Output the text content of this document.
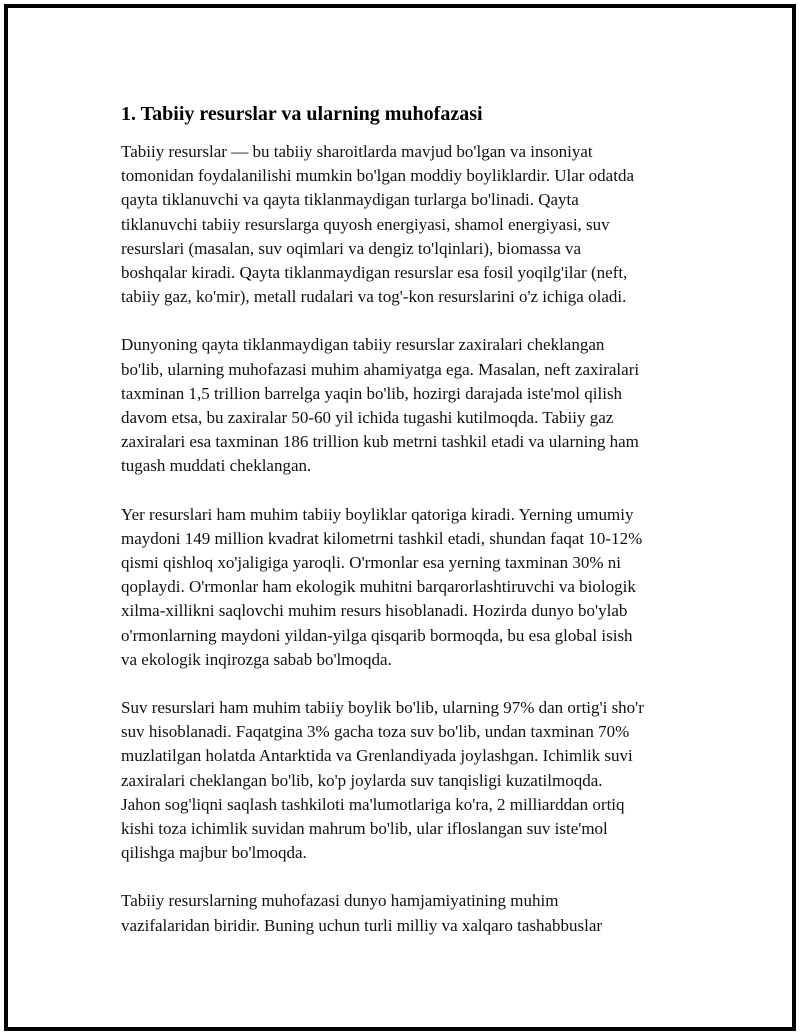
1. Tabiiy resurslar va ularning muhofazasi

Tabiiy resurslar — bu tabiiy sharoitlarda mavjud bo'lgan va insoniyat
tomonidan foydalanilishi mumkin bo'lgan moddiy boyliklardir. Ular odatda
qayta tiklanuvchi va qayta tiklanmaydigan turlarga bo'linadi. Qayta
tiklanuvchi tabiiy resurslarga quyosh energiyasi, shamol energiyasi, suv
resurslari (masalan, suv oqimlari va dengiz to'lqinlari), biomassa va
boshqalar kiradi. Qayta tiklanmaydigan resurslar esa fosil yoqilg'ilar (neft,
tabiiy gaz, ko'mir), metall rudalari va tog'-kon resurslarini o'z ichiga oladi.

Dunyoning qayta tiklanmaydigan tabiiy resurslar zaxiralari cheklangan
bo'lib, ularning muhofazasi muhim ahamiyatga ega. Masalan, neft zaxiralari
taxminan 1,5 trillion barrelga yaqin bo'lib, hozirgi darajada iste'mol qilish
davom etsa, bu zaxiralar 50-60 yil ichida tugashi kutilmoqda. Tabiiy gaz
zaxiralari esa taxminan 186 trillion kub metrni tashkil etadi va ularning ham
tugash muddati cheklangan.

Yer resurslari ham muhim tabiiy boyliklar qatoriga kiradi. Yerning umumiy
maydoni 149 million kvadrat kilometrni tashkil etadi, shundan faqat 10-12%
qismi qishloq xo'jaligiga yaroqli. O'rmonlar esa yerning taxminan 30% ni
qoplaydi. O'rmonlar ham ekologik muhitni barqarorlashtiruvchi va biologik
xilma-xillikni saqlovchi muhim resurs hisoblanadi. Hozirda dunyo bo'ylab
o'rmonlarning maydoni yildan-yilga qisqarib bormoqda, bu esa global isish
va ekologik inqirozga sabab bo'lmoqda.

Suv resurslari ham muhim tabiiy boylik bo'lib, ularning 97% dan ortig'i sho'r
suv hisoblanadi. Faqatgina 3% gacha toza suv bo'lib, undan taxminan 70%
muzlatilgan holatda Antarktida va Grenlandiyada joylashgan. Ichimlik suvi
zaxiralari cheklangan bo'lib, ko'p joylarda suv tanqisligi kuzatilmoqda.
Jahon sog'liqni saqlash tashkiloti ma'lumotlariga ko'ra, 2 milliarddan ortiq
kishi toza ichimlik suvidan mahrum bo'lib, ular ifloslangan suv iste'mol
qilishga majbur bo'lmoqda.

Tabiiy resurslarning muhofazasi dunyo hamjamiyatining muhim
vazifalaridan biridir. Buning uchun turli milliy va xalqaro tashabbuslar
